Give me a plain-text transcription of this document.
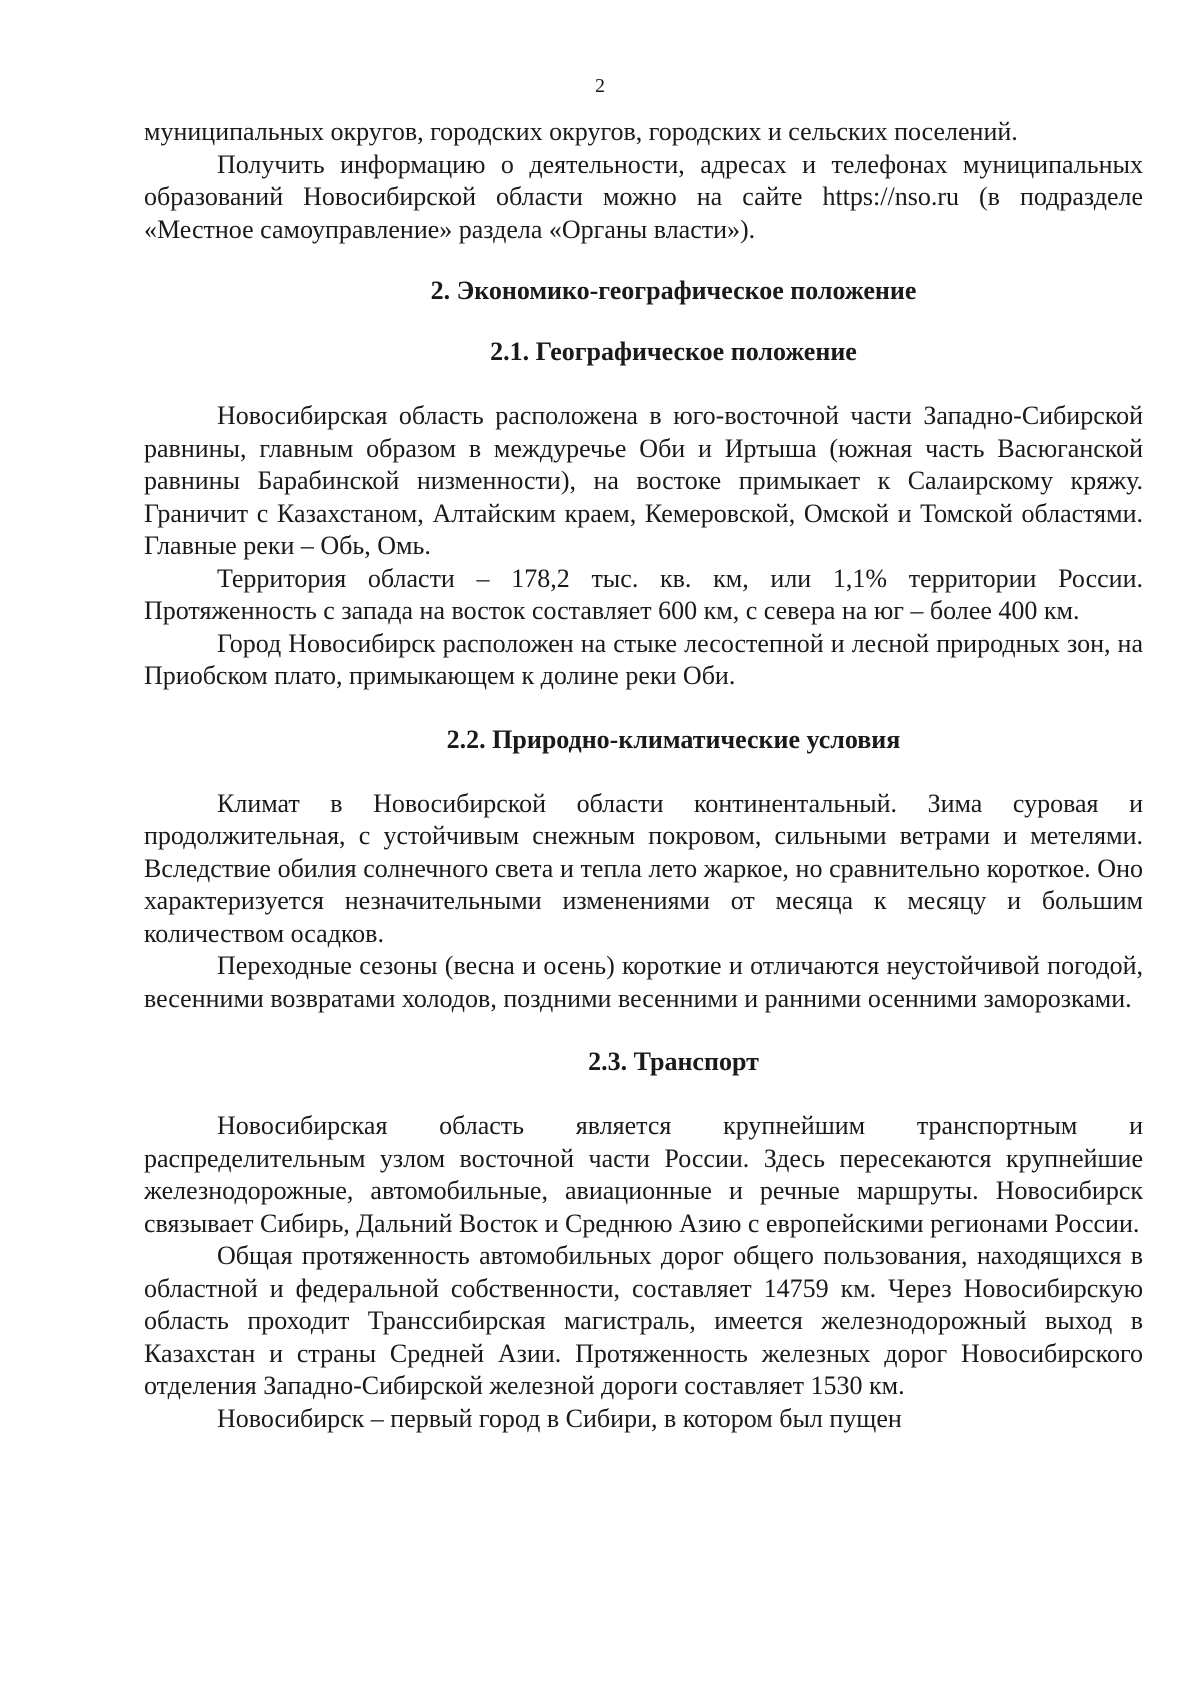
2

муниципальных округов, городских округов, городских и сельских поселений.

Получить информацию о деятельности, адресах и телефонах муниципальных образований Новосибирской области можно на сайте https://nso.ru (в подразделе «Местное самоуправление» раздела «Органы власти»).

2. Экономико-географическое положение
2.1. Географическое положение

Новосибирская область расположена в юго-восточной части Западно-Сибирской равнины, главным образом в междуречье Оби и Иртыша (южная часть Васюганской равнины Барабинской низменности), на востоке примыкает к Салаирскому кряжу. Граничит с Казахстаном, Алтайским краем, Кемеровской, Омской и Томской областями. Главные реки – Обь, Омь.

Территория области – 178,2 тыс. кв. км, или 1,1% территории России. Протяженность с запада на восток составляет 600 км, с севера на юг – более 400 км.

Город Новосибирск расположен на стыке лесостепной и лесной природных зон, на Приобском плато, примыкающем к долине реки Оби.

2.2. Природно-климатические условия

Климат в Новосибирской области континентальный. Зима суровая и продолжительная, с устойчивым снежным покровом, сильными ветрами и метелями. Вследствие обилия солнечного света и тепла лето жаркое, но сравнительно короткое. Оно характеризуется незначительными изменениями от месяца к месяцу и большим количеством осадков.

Переходные сезоны (весна и осень) короткие и отличаются неустойчивой погодой, весенними возвратами холодов, поздними весенними и ранними осенними заморозками.

2.3. Транспорт

Новосибирская область является крупнейшим транспортным и распределительным узлом восточной части России. Здесь пересекаются крупнейшие железнодорожные, автомобильные, авиационные и речные маршруты. Новосибирск связывает Сибирь, Дальний Восток и Среднюю Азию с европейскими регионами России.

Общая протяженность автомобильных дорог общего пользования, находящихся в областной и федеральной собственности, составляет 14759 км. Через Новосибирскую область проходит Транссибирская магистраль, имеется железнодорожный выход в Казахстан и страны Средней Азии. Протяженность железных дорог Новосибирского отделения Западно-Сибирской железной дороги составляет 1530 км.

Новосибирск – первый город в Сибири, в котором был пущен
